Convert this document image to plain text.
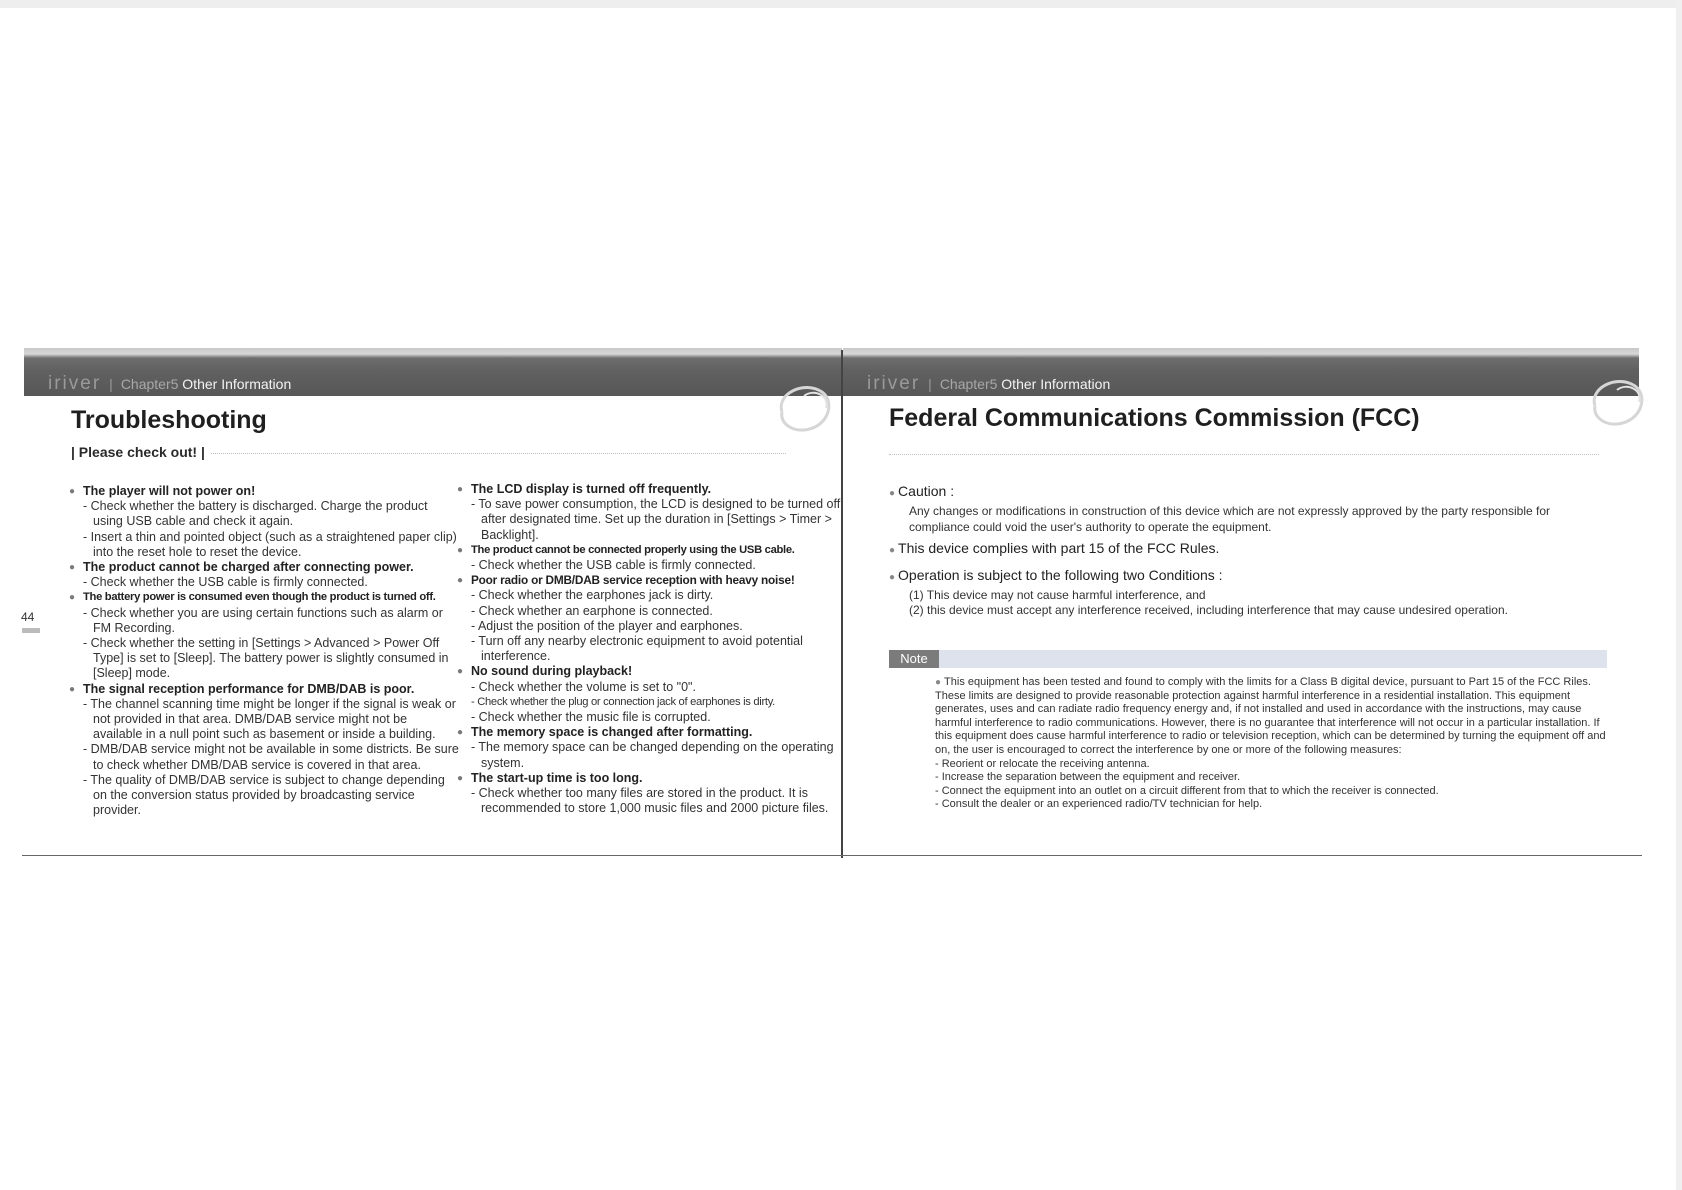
iriver | Chapter5 Other Information
Troubleshooting
| Please check out! |
● The player will not power on!
- Check whether the battery is discharged. Charge the product using USB cable and check it again.
- Insert a thin and pointed object (such as a straightened paper clip) into the reset hole to reset the device.
● The product cannot be charged after connecting power.
- Check whether the USB cable is firmly connected.
● The battery power is consumed even though the product is turned off.
- Check whether you are using certain functions such as alarm or FM Recording.
- Check whether the setting in [Settings > Advanced > Power Off Type] is set to [Sleep]. The battery power is slightly consumed in [Sleep] mode.
● The signal reception performance for DMB/DAB is poor.
- The channel scanning time might be longer if the signal is weak or not provided in that area. DMB/DAB service might not be available in a null point such as basement or inside a building.
- DMB/DAB service might not be available in some districts. Be sure to check whether DMB/DAB service is covered in that area.
- The quality of DMB/DAB service is subject to change depending on the conversion status provided by broadcasting service provider.
● The LCD display is turned off frequently.
- To save power consumption, the LCD is designed to be turned off after designated time. Set up the duration in [Settings > Timer > Backlight].
● The product cannot be connected properly using the USB cable.
- Check whether the USB cable is firmly connected.
● Poor radio or DMB/DAB service reception with heavy noise!
- Check whether the earphones jack is dirty.
- Check whether an earphone is connected.
- Adjust the position of the player and earphones.
- Turn off any nearby electronic equipment to avoid potential interference.
● No sound during playback!
- Check whether the volume is set to "0".
- Check whether the plug or connection jack of earphones is dirty.
- Check whether the music file is corrupted.
● The memory space is changed after formatting.
- The memory space can be changed depending on the operating system.
● The start-up time is too long.
- Check whether too many files are stored in the product. It is recommended to store 1,000 music files and 2000 picture files.
44
iriver | Chapter5 Other Information
Federal Communications Commission (FCC)
● Caution :
Any changes or modifications in construction of this device which are not expressly approved by the party responsible for compliance could void the user's authority to operate the equipment.
● This device complies with part 15 of the FCC Rules.
● Operation is subject to the following two Conditions :
(1) This device may not cause harmful interference, and
(2) this device must accept any interference received, including interference that may cause undesired operation.
Note
● This equipment has been tested and found to comply with the limits for a Class B digital device, pursuant to Part 15 of the FCC Riles. These limits are designed to provide reasonable protection against harmful interference in a residential installation. This equipment generates, uses and can radiate radio frequency energy and, if not installed and used in accordance with the instructions, may cause harmful interference to radio communications. However, there is no guarantee that interference will not occur in a particular installation. If this equipment does cause harmful interference to radio or television reception, which can be determined by turning the equipment off and on, the user is encouraged to correct the interference by one or more of the following measures:
- Reorient or relocate the receiving antenna.
- Increase the separation between the equipment and receiver.
- Connect the equipment into an outlet on a circuit different from that to which the receiver is connected.
- Consult the dealer or an experienced radio/TV technician for help.
